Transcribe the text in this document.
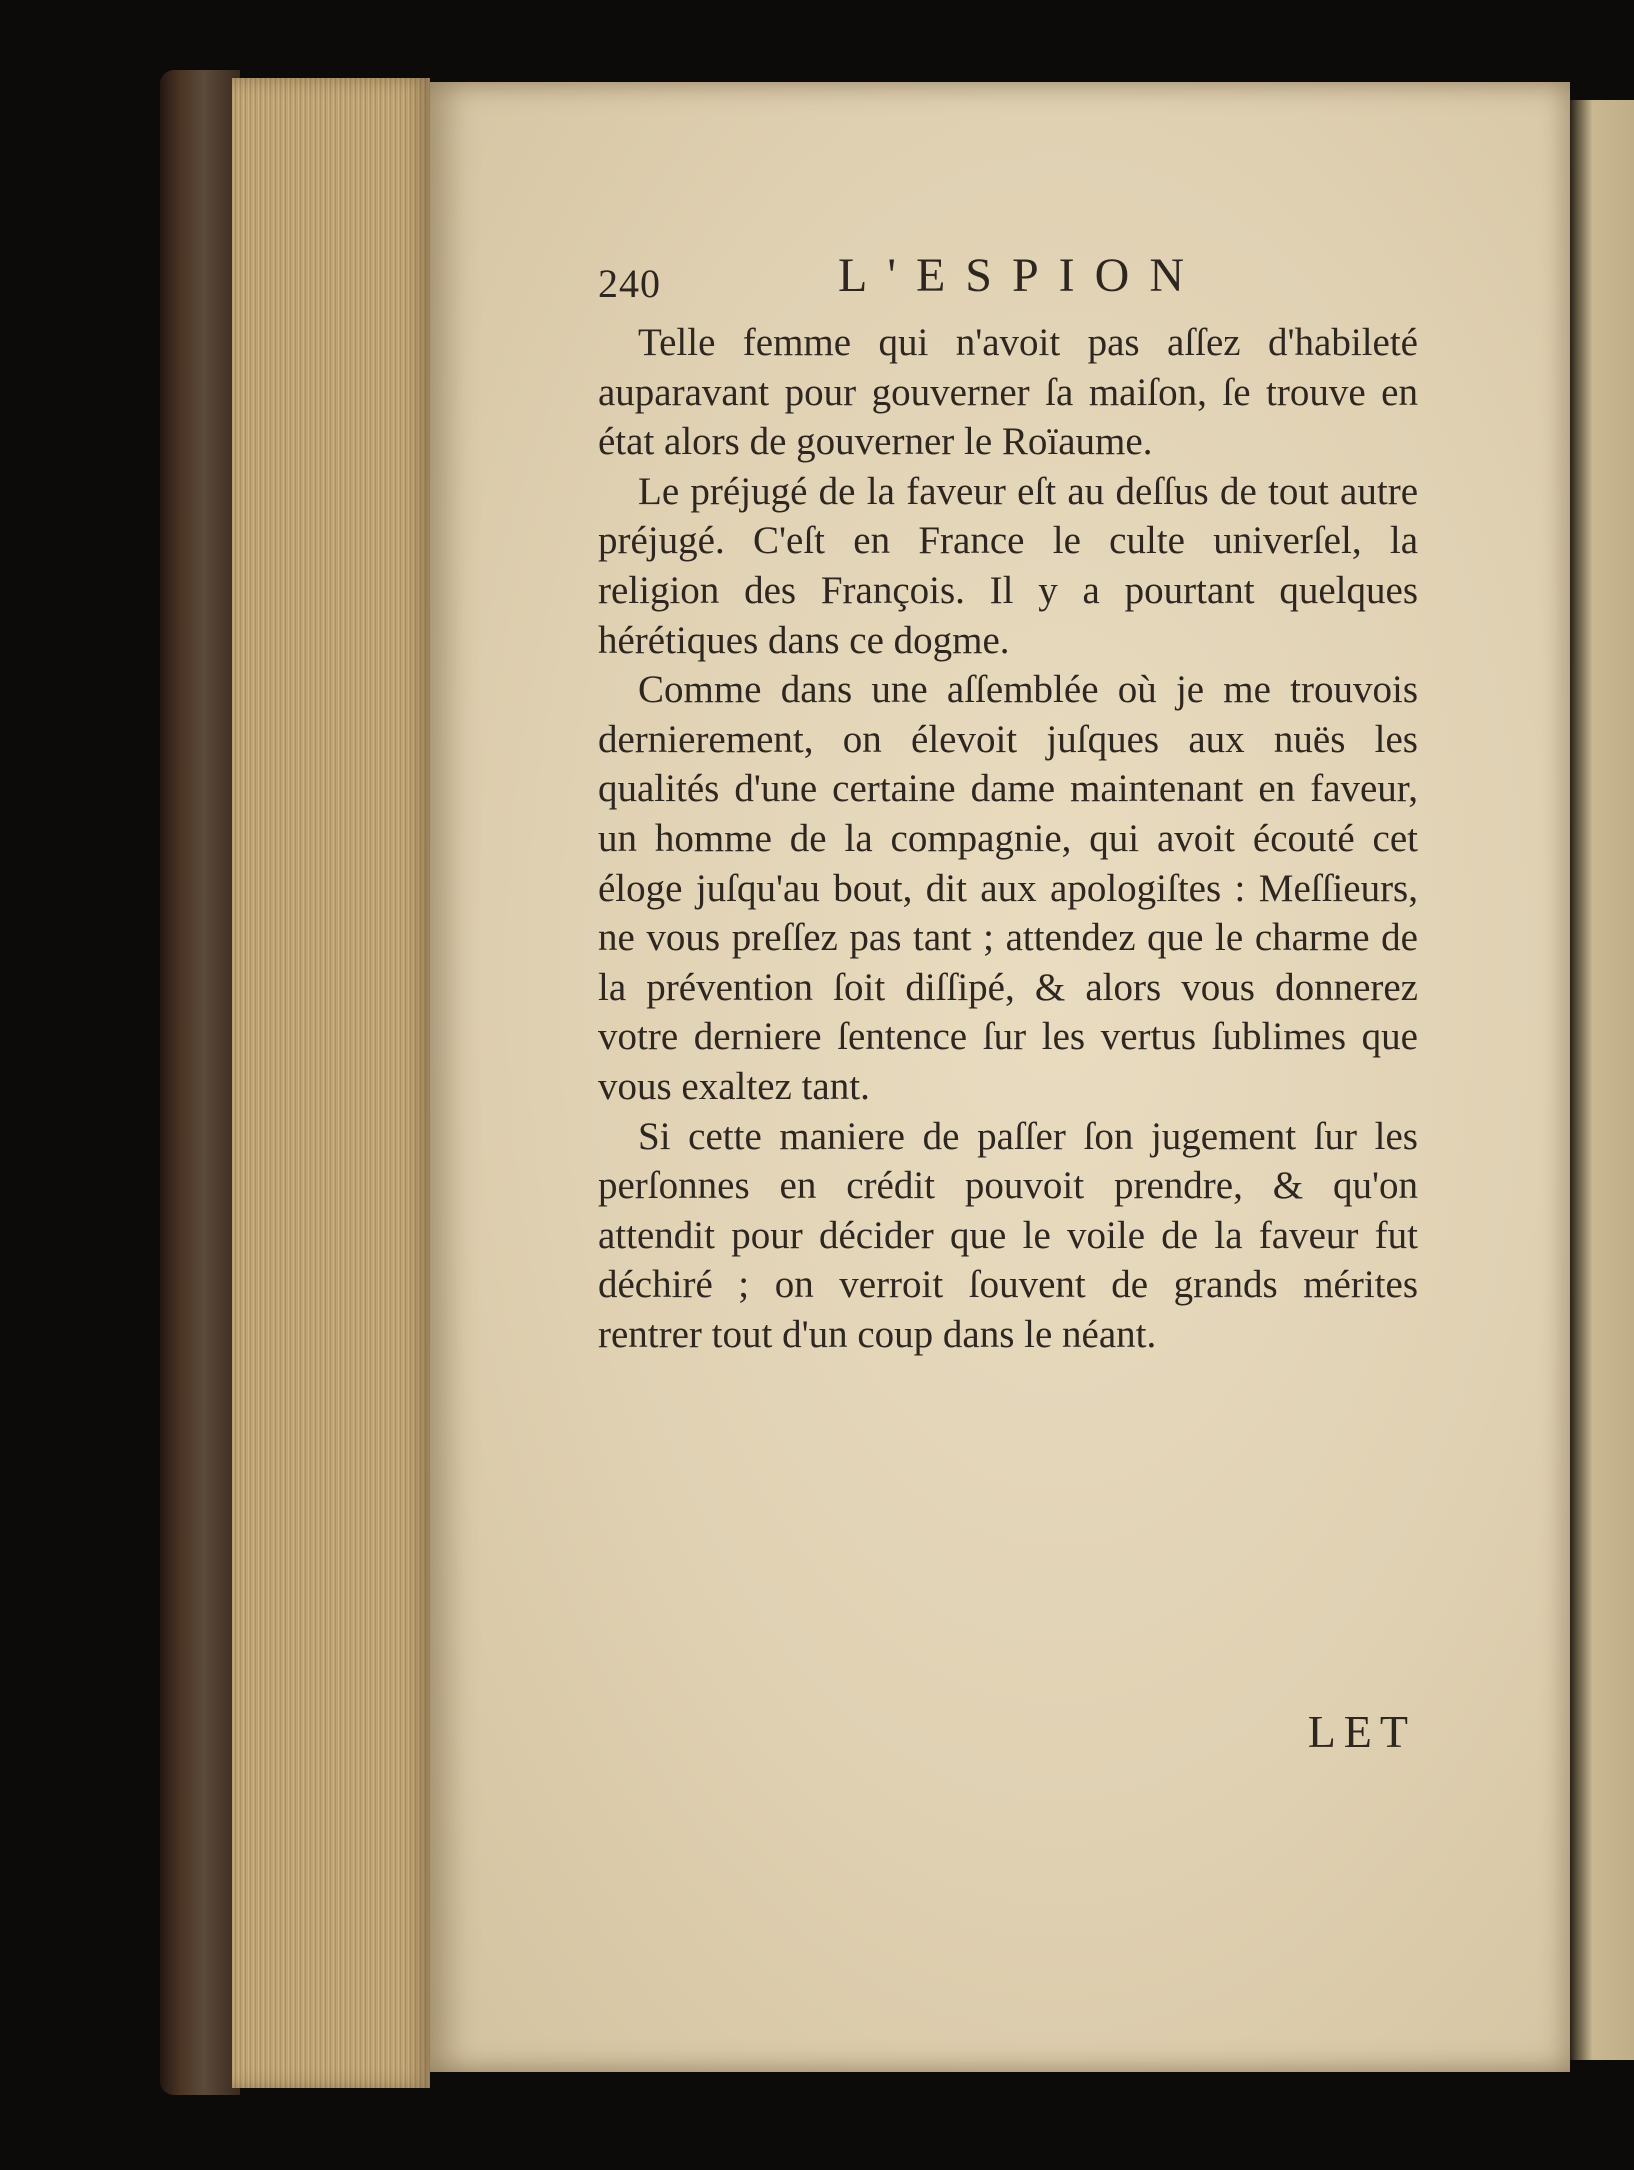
240	L'ESPION

Telle femme qui n'avoit pas aſſez d'habileté auparavant pour gouverner ſa maiſon, ſe trouve en état alors de gouverner le Roïaume.

Le préjugé de la faveur eſt au deſſus de tout autre préjugé. C'eſt en France le culte univerſel, la religion des François. Il y a pourtant quelques hérétiques dans ce dogme.

Comme dans une aſſemblée où je me trouvois dernierement, on élevoit juſques aux nuës les qualités d'une certaine dame maintenant en faveur, un homme de la compagnie, qui avoit écouté cet éloge juſqu'au bout, dit aux apologiſtes : Meſſieurs, ne vous preſſez pas tant ; attendez que le charme de la prévention ſoit diſſipé, & alors vous donnerez votre derniere ſentence ſur les vertus ſublimes que vous exaltez tant.

Si cette maniere de paſſer ſon jugement ſur les perſonnes en crédit pouvoit prendre, & qu'on attendit pour décider que le voile de la faveur fut déchiré ; on verroit ſouvent de grands mérites rentrer tout d'un coup dans le néant.

LET
